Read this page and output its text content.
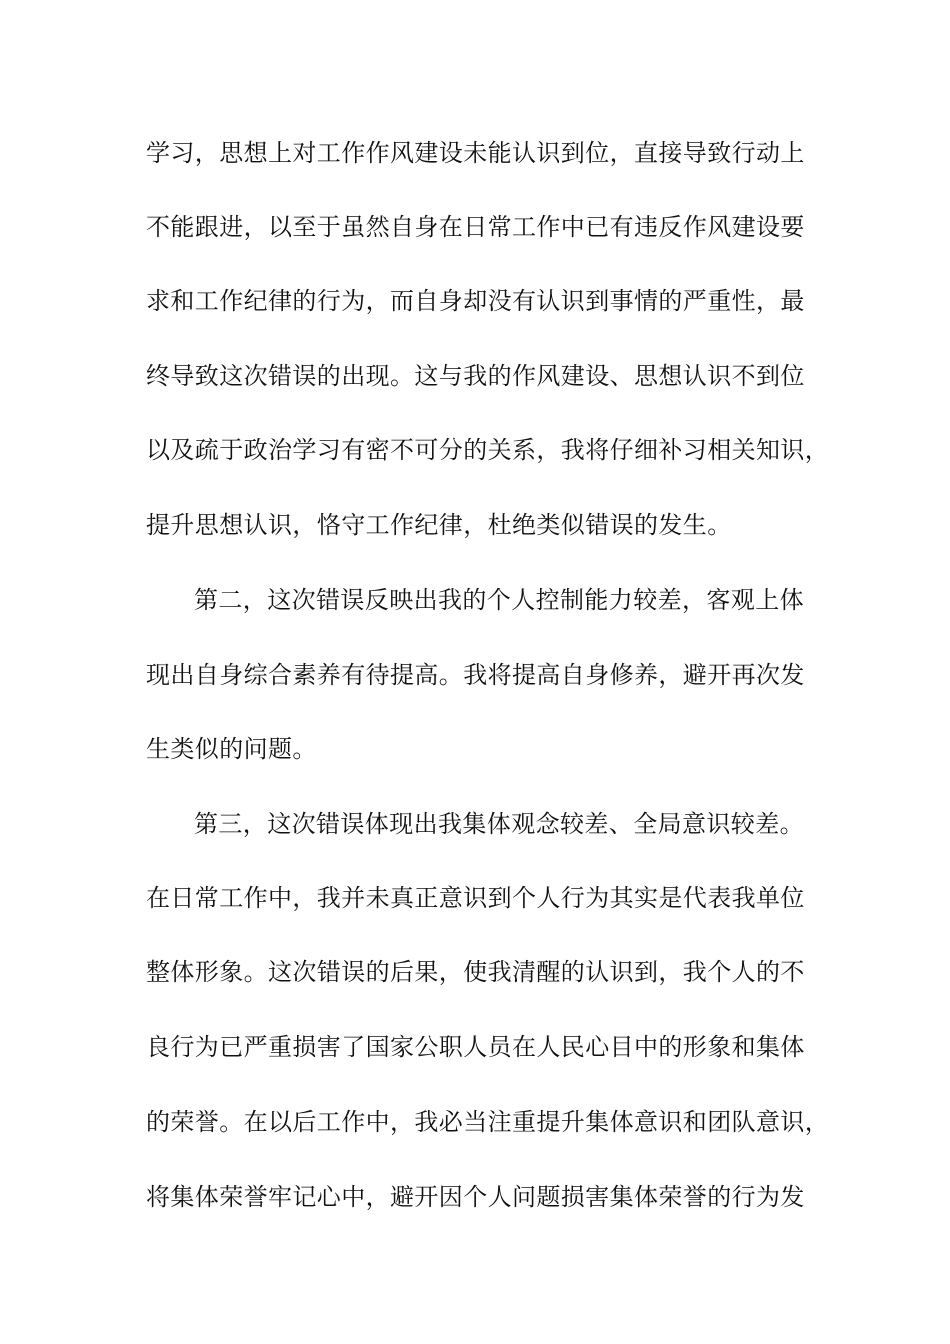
学习，思想上对工作作风建设未能认识到位，直接导致行动上
不能跟进，以至于虽然自身在日常工作中已有违反作风建设要
求和工作纪律的行为，而自身却没有认识到事情的严重性，最
终导致这次错误的出现。这与我的作风建设、思想认识不到位
以及疏于政治学习有密不可分的关系，我将仔细补习相关知识，
提升思想认识，恪守工作纪律，杜绝类似错误的发生。
第二，这次错误反映出我的个人控制能力较差，客观上体
现出自身综合素养有待提高。我将提高自身修养，避开再次发
生类似的问题。
第三，这次错误体现出我集体观念较差、全局意识较差。
在日常工作中，我并未真正意识到个人行为其实是代表我单位
整体形象。这次错误的后果，使我清醒的认识到，我个人的不
良行为已严重损害了国家公职人员在人民心目中的形象和集体
的荣誉。在以后工作中，我必当注重提升集体意识和团队意识，
将集体荣誉牢记心中，避开因个人问题损害集体荣誉的行为发
